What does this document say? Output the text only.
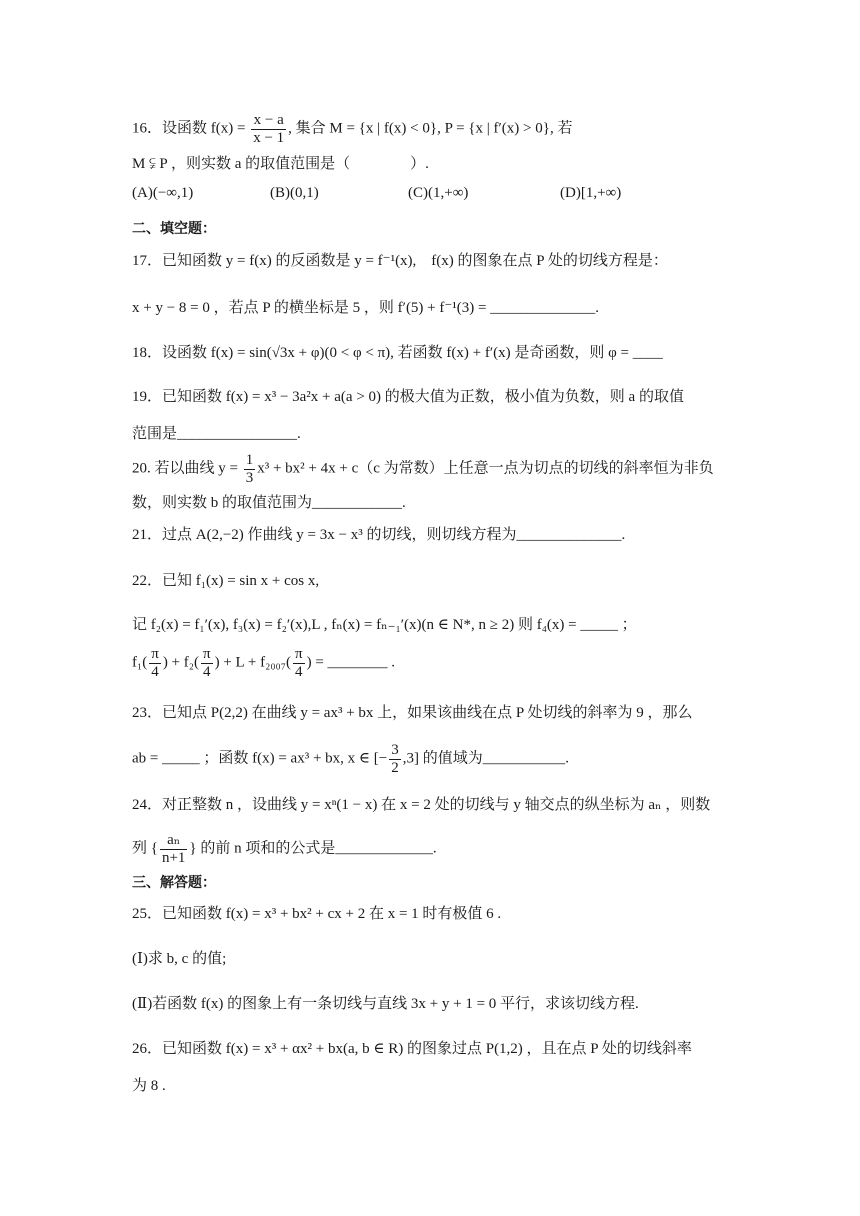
16．设函数 $f(x) = \frac{x - a}{x - 1}$ , 集合 M = {x | f(x) < 0}, P = {x | f′(x) > 0}, 若
M ⫋ P ，则实数 a 的取值范围是（　　　　）.
(A)(−∞,1)	(B)(0,1)	(C)(1,+∞)	(D)[1,+∞)
二、填空题：
17．已知函数 y = f(x) 的反函数是 y = f⁻¹(x),　f(x) 的图象在点 P 处的切线方程是：
x + y − 8 = 0 ，若点 P 的横坐标是 5 ，则 f′(5) + f⁻¹(3) = ______________.
18．设函数 f(x) = sin(√3x + φ)(0 < φ < π), 若函数 f(x) + f′(x) 是奇函数，则 φ = ____
19．已知函数 f(x) = x³ − 3a²x + a(a > 0) 的极大值为正数，极小值为负数，则 a 的取值
范围是________________.
20. 若以曲线 $y = \frac{1}{3} x^3 + bx^2 + 4x + c(c$ 为常数）上任意一点为切点的切线的斜率恒为非负
数，则实数 b 的取值范围为____________.
21．过点 A(2,−2) 作曲线 y = 3x − x³ 的切线，则切线方程为______________.
22．已知 f₁(x) = sin x + cos x,
记 f₂(x) = f₁′(x), f₃(x) = f₂′(x),L , fₙ(x) = fₙ₋₁′(x)(n ∈ N*, n ≥ 2) 则 f₄(x) = _____ ；
$f_1( \frac{\pi}{4}$ ) + $f_2( \frac{\pi}{4}$ ) + $L + f_{2007}( \frac{\pi}{4}$ ) = ________ .
23．已知点 P(2,2) 在曲线 y = ax³ + bx 上，如果该曲线在点 P 处切线的斜率为 9 ，那么
ab = _____ ；函数 f(x) = ax³ + bx, x ∈ [− $\frac{3}{2} ,3$] 的值域为___________.
24．对正整数 n ，设曲线 y = xⁿ(1 − x) 在 x = 2 处的切线与 y 轴交点的纵坐标为 aₙ ，则数
列 { $\frac{\text{aₙ}}{n+1}$ } 的前 n 项和的公式是_____________.
三、解答题：
25．已知函数 f(x) = x³ + bx² + cx + 2 在 x = 1 时有极值 6 .
(Ⅰ)求 b, c 的值;
(Ⅱ)若函数 f(x) 的图象上有一条切线与直线 3x + y + 1 = 0 平行，求该切线方程.
26．已知函数 f(x) = x³ + αx² + bx(a, b ∈ R) 的图象过点 P(1,2) ，且在点 P 处的切线斜率
为 8 .
